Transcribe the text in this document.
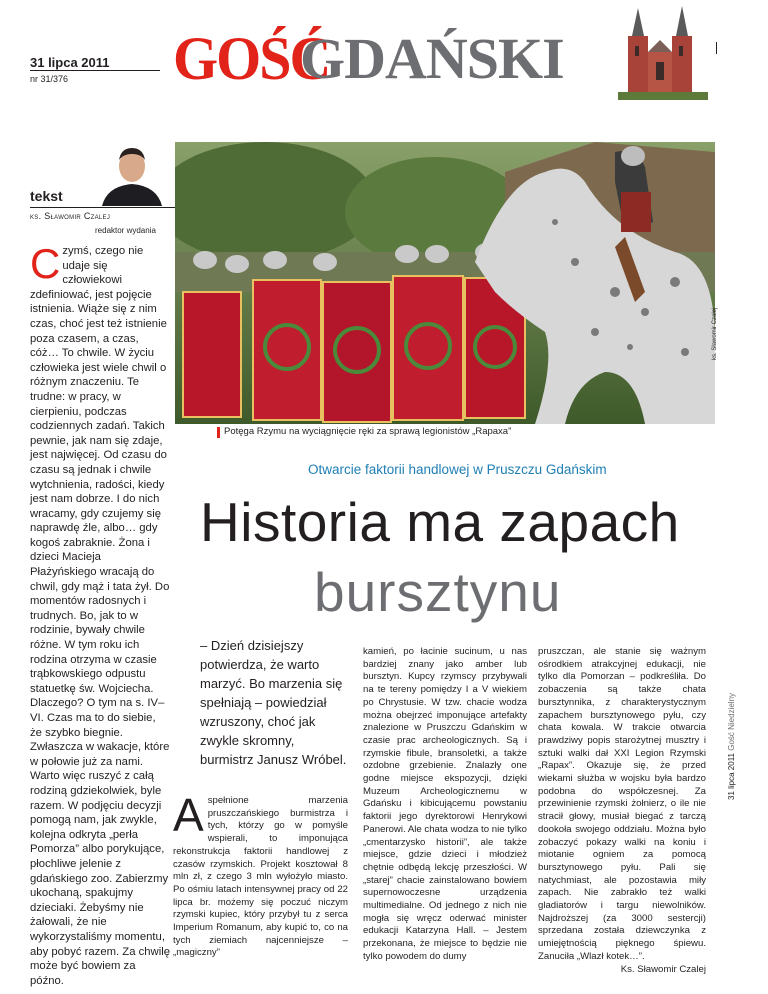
31 lipca 2011
nr 31/376 GOŚĆ
GDAŃSKI
tekst
ks. Sławomir Czalej
redaktor wydania
Czymś, czego nie udaje się człowiekowi zdefiniować, jest pojęcie istnienia. Wiąże się z nim czas, choć jest też istnienie poza czasem, a czas, cóż… To chwile. W życiu człowieka jest wiele chwil o różnym znaczeniu. Te trudne: w pracy, w cierpieniu, podczas codziennych zadań. Takich pewnie, jak nam się zdaje, jest najwięcej. Od czasu do czasu są jednak i chwile wytchnienia, radości, kiedy jest nam dobrze. I do nich wracamy, gdy czujemy się naprawdę źle, albo… gdy kogoś zabraknie. Żona i dzieci Macieja Płażyńskiego wracają do chwil, gdy mąż i tata żył. Do momentów radosnych i trudnych. Bo, jak to w rodzinie, bywały chwile różne. W tym roku ich rodzina otrzyma w czasie trąbkowskiego odpustu statuetkę św. Wojciecha. Dlaczego? O tym na s. IV–VI. Czas ma to do siebie, że szybko biegnie. Zwłaszcza w wakacje, które w połowie już za nami. Warto więc ruszyć z całą rodziną gdziekolwiek, byle razem. W podjęciu decyzji pomogą nam, jak zwykle, kolejna odkryta „perła Pomorza” albo porykujące, płochliwe jelenie z gdańskiego zoo. Zabierzmy ukochaną, spakujmy dzieciaki. Żebyśmy nie żałowali, że nie wykorzystaliśmy momentu, aby pobyć razem. Za chwilę może być bowiem za późno.
ks. Sławomir Czalej
Potęga Rzymu na wyciągnięcie ręki za sprawą legionistów „Rapaxa”
Otwarcie faktorii handlowej w Pruszczu Gdańskim
Historia ma zapach
bursztynu
– Dzień dzisiejszy potwierdza, że warto marzyć. Bo marzenia się spełniają – powiedział wzruszony, choć jak zwykle skromny, burmistrz Janusz Wróbel.
Aspełnione marzenia pruszczańskiego burmistrza i tych, którzy go w pomyśle wspierali, to imponująca rekonstrukcja faktorii handlowej z czasów rzymskich. Projekt kosztował 8 mln zł, z czego 3 mln wyłożyło miasto. Po ośmiu latach intensywnej pracy od 22 lipca br. możemy się poczuć niczym rzymski kupiec, który przybył tu z serca Imperium Romanum, aby kupić to, co na tych ziemiach najcenniejsze – „magiczny”
kamień, po łacinie sucinum, u nas bardziej znany jako amber lub bursztyn. Kupcy rzymscy przybywali na te tereny pomiędzy I a V wiekiem po Chrystusie. W tzw. chacie wodza można obejrzeć imponujące artefakty znalezione w Pruszczu Gdańskim w czasie prac archeologicznych. Są i rzymskie fibule, bransoletki, a także ozdobne grzebienie. Znalazły one godne miejsce ekspozycji, dzięki Muzeum Archeologicznemu w Gdańsku i kibicującemu powstaniu faktorii jego dyrektorowi Henrykowi Panerowi. Ale chata wodza to nie tylko „cmentarzysko historii”, ale także miejsce, gdzie dzieci i młodzież chętnie odbędą lekcję przeszłości. W „starej” chacie zainstalowano bowiem supernowoczesne urządzenia multimedialne. Od jednego z nich nie mogła się wręcz oderwać minister edukacji Katarzyna Hall. – Jestem przekonana, że miejsce to będzie nie tylko powodem do dumy
pruszczan, ale stanie się ważnym ośrodkiem atrakcyjnej edukacji, nie tylko dla Pomorzan – podkreśliła. Do zobaczenia są także chata bursztynnika, z charakterystycznym zapachem bursztynowego pyłu, czy chata kowala. W trakcie otwarcia prawdziwy popis starożytnej musztry i sztuki walki dał XXI Legion Rzymski „Rapax”. Okazuje się, że przed wiekami służba w wojsku była bardzo podobna do współczesnej. Za przewinienie rzymski żołnierz, o ile nie stracił głowy, musiał biegać z tarczą dookoła swojego oddziału. Można było zobaczyć pokazy walki na koniu i miotanie ogniem za pomocą bursztynowego pyłu. Pali się natychmiast, ale pozostawia miły zapach. Nie zabrakło też walki gladiatorów i targu niewolników. Najdroższej (za 3000 sestercji) sprzedana została dziewczynka z umiejętnością pięknego śpiewu. Zanuciła „Wlazł kotek…”.
Ks. Sławomir Czalej
31 lipca 2011 Gość Niedzielny
